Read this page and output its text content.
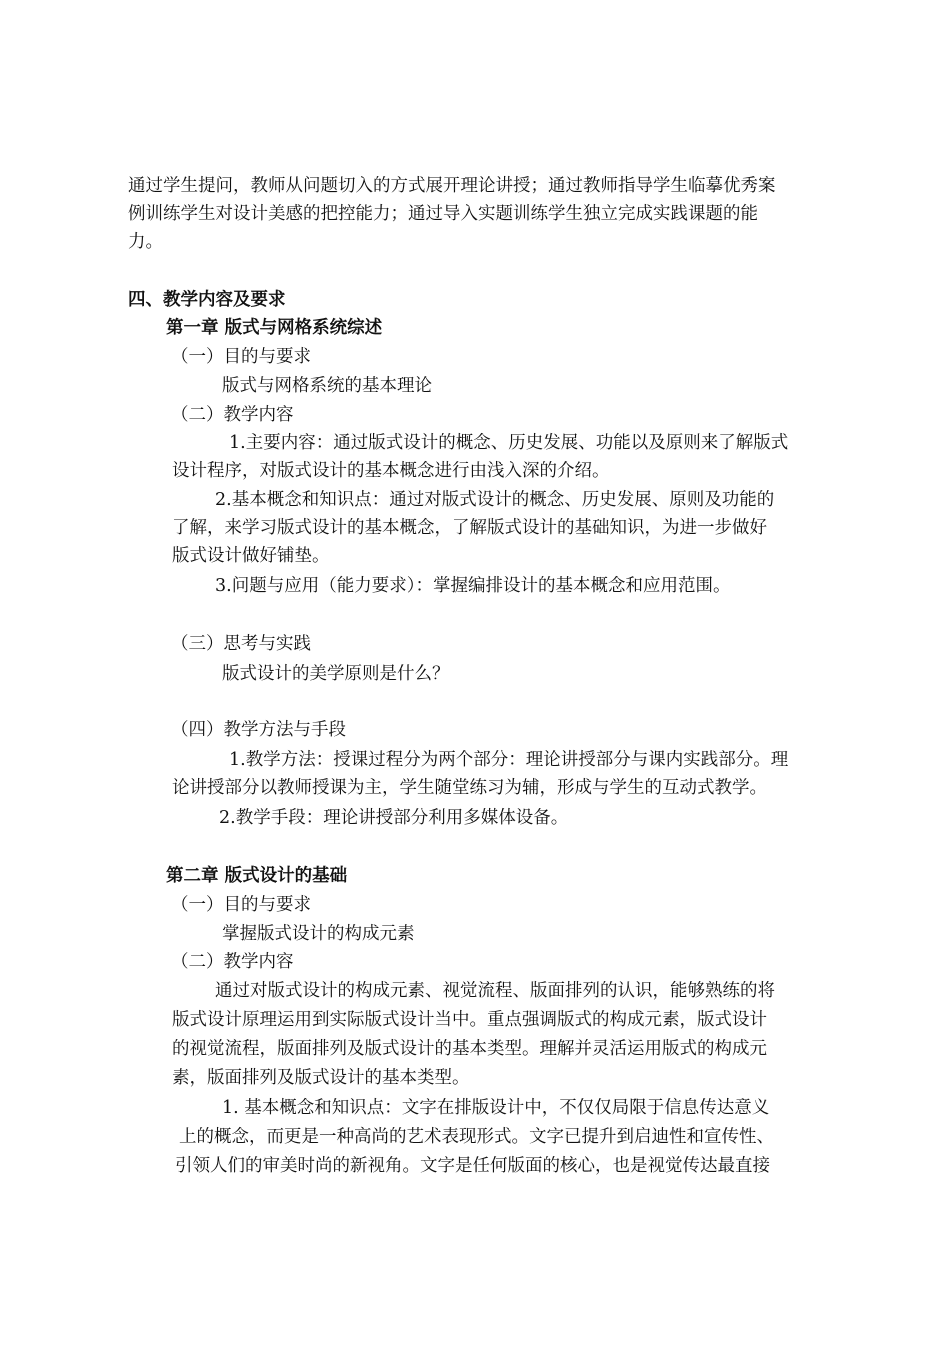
通过学生提问，教师从问题切入的方式展开理论讲授；通过教师指导学生临摹优秀案
例训练学生对设计美感的把控能力；通过导入实题训练学生独立完成实践课题的能
力。
四、教学内容及要求
第一章 版式与网格系统综述
（一）目的与要求
版式与网格系统的基本理论
（二）教学内容
1.主要内容：通过版式设计的概念、历史发展、功能以及原则来了解版式
设计程序，对版式设计的基本概念进行由浅入深的介绍。
2.基本概念和知识点：通过对版式设计的概念、历史发展、原则及功能的
了解，来学习版式设计的基本概念，了解版式设计的基础知识，为进一步做好
版式设计做好铺垫。
3.问题与应用（能力要求）：掌握编排设计的基本概念和应用范围。
（三）思考与实践
版式设计的美学原则是什么？
（四）教学方法与手段
1.教学方法：授课过程分为两个部分：理论讲授部分与课内实践部分。理
论讲授部分以教师授课为主，学生随堂练习为辅，形成与学生的互动式教学。
2.教学手段：理论讲授部分利用多媒体设备。
第二章 版式设计的基础
（一）目的与要求
掌握版式设计的构成元素
（二）教学内容
通过对版式设计的构成元素、视觉流程、版面排列的认识，能够熟练的将
版式设计原理运用到实际版式设计当中。重点强调版式的构成元素，版式设计
的视觉流程，版面排列及版式设计的基本类型。理解并灵活运用版式的构成元
素，版面排列及版式设计的基本类型。
1. 基本概念和知识点：文字在排版设计中，不仅仅局限于信息传达意义
上的概念，而更是一种高尚的艺术表现形式。文字已提升到启迪性和宣传性、
引领人们的审美时尚的新视角。文字是任何版面的核心，也是视觉传达最直接
